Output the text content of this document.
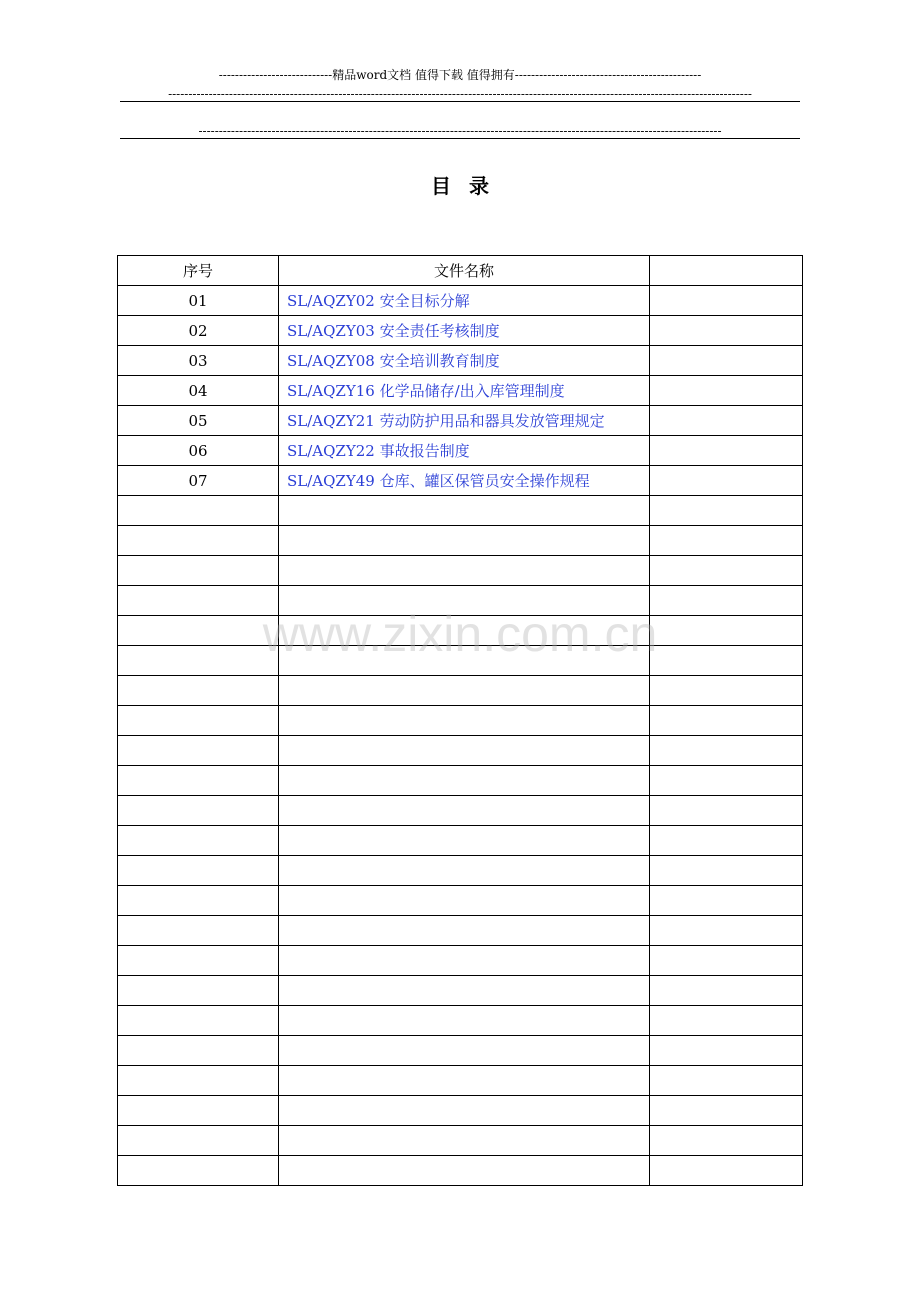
----------------------------精品word文档 值得下载 值得拥有----------------------------------------------
------------------------------------------------------------------------------------------------------------------------------------------------
---------------------------------------------------------------------------------------------------------------------------------
目录
序号	文件名称	
01	SL/AQZY02 安全目标分解	
02	SL/AQZY03 安全责任考核制度	
03	SL/AQZY08 安全培训教育制度	
04	SL/AQZY16 化学品储存/出入库管理制度	
05	SL/AQZY21 劳动防护用品和器具发放管理规定	
06	SL/AQZY22 事故报告制度	
07	SL/AQZY49 仓库、罐区保管员安全操作规程	

www.zixin.com.cn
